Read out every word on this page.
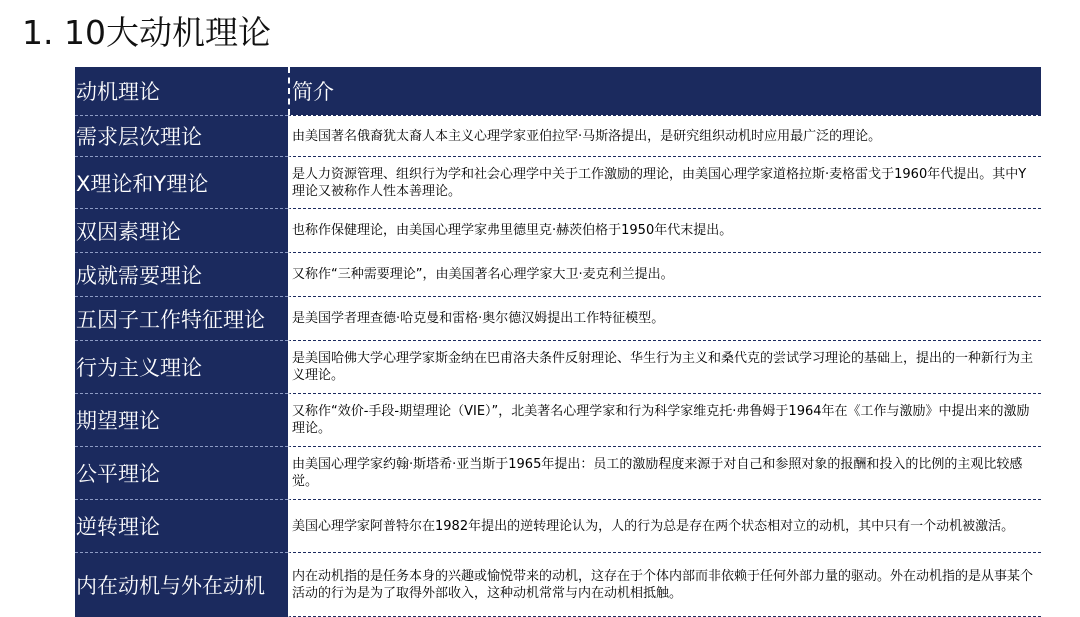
1. 10大动机理论
动机理论	简介
需求层次理论	由美国著名俄裔犹太裔人本主义心理学家亚伯拉罕·马斯洛提出，是研究组织动机时应用最广泛的理论。
X理论和Y理论	是人力资源管理、组织行为学和社会心理学中关于工作激励的理论，由美国心理学家道格拉斯·麦格雷戈于1960年代提出。其中Y理论又被称作人性本善理论。
双因素理论	也称作保健理论，由美国心理学家弗里德里克·赫茨伯格于1950年代末提出。
成就需要理论	又称作“三种需要理论”，由美国著名心理学家大卫·麦克利兰提出。
五因子工作特征理论	是美国学者理查德·哈克曼和雷格·奥尔德汉姆提出工作特征模型。
行为主义理论	是美国哈佛大学心理学家斯金纳在巴甫洛夫条件反射理论、华生行为主义和桑代克的尝试学习理论的基础上，提出的一种新行为主义理论。
期望理论	又称作“效价-手段-期望理论（VIE）”，北美著名心理学家和行为科学家维克托·弗鲁姆于1964年在《工作与激励》中提出来的激励理论。
公平理论	由美国心理学家约翰·斯塔希·亚当斯于1965年提出：员工的激励程度来源于对自己和参照对象的报酬和投入的比例的主观比较感觉。
逆转理论	美国心理学家阿普特尔在1982年提出的逆转理论认为，人的行为总是存在两个状态相对立的动机，其中只有一个动机被激活。
内在动机与外在动机	内在动机指的是任务本身的兴趣或愉悦带来的动机，这存在于个体内部而非依赖于任何外部力量的驱动。外在动机指的是从事某个活动的行为是为了取得外部收入，这种动机常常与内在动机相抵触。
